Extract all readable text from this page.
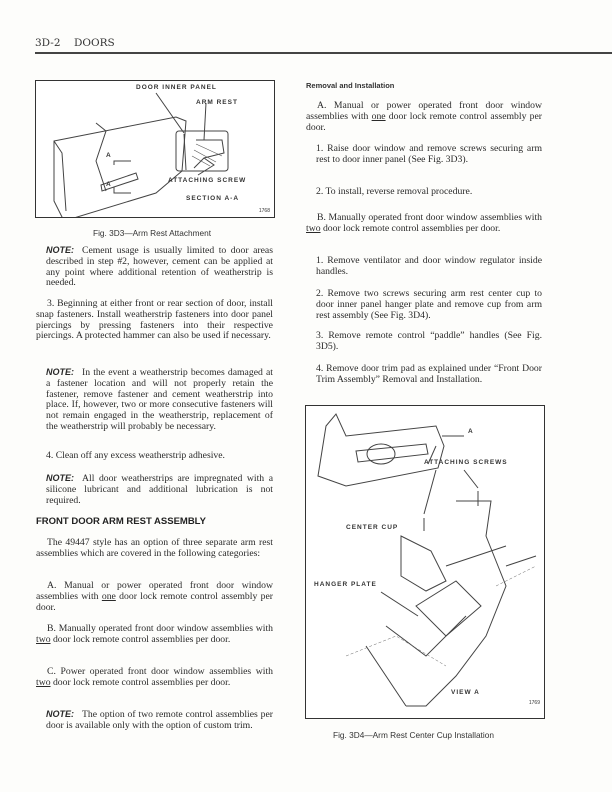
3D-2 DOORS
DOOR INNER PANEL
ARM REST
A
A
ATTACHING SCREW
SECTION A-A
1768
Fig. 3D3—Arm Rest Attachment
NOTE: Cement usage is usually limited to door areas described in step #2, however, cement can be applied at any point where additional retention of weatherstrip is needed.
3. Beginning at either front or rear section of door, install snap fasteners. Install weatherstrip fasteners into door panel piercings by pressing fasteners into their respective piercings. A protected hammer can also be used if necessary.
NOTE: In the event a weatherstrip becomes damaged at a fastener location and will not properly retain the fastener, remove fastener and cement weatherstrip into place. If, however, two or more consecutive fasteners will not remain engaged in the weatherstrip, replacement of the weatherstrip will probably be necessary.
4. Clean off any excess weatherstrip adhesive.
NOTE: All door weatherstrips are impregnated with a silicone lubricant and additional lubrication is not required.
FRONT DOOR ARM REST ASSEMBLY
The 49447 style has an option of three separate arm rest assemblies which are covered in the following categories:
A. Manual or power operated front door window assemblies with one door lock remote control assembly per door.
B. Manually operated front door window assemblies with two door lock remote control assemblies per door.
C. Power operated front door window assemblies with two door lock remote control assemblies per door.
NOTE: The option of two remote control assemblies per door is available only with the option of custom trim.
Removal and Installation
A. Manual or power operated front door window assemblies with one door lock remote control assembly per door.
1. Raise door window and remove screws securing arm rest to door inner panel (See Fig. 3D3).
2. To install, reverse removal procedure.
B. Manually operated front door window assemblies with two door lock remote control assemblies per door.
1. Remove ventilator and door window regulator inside handles.
2. Remove two screws securing arm rest center cup to door inner panel hanger plate and remove cup from arm rest assembly (See Fig. 3D4).
3. Remove remote control “paddle” handles (See Fig. 3D5).
4. Remove door trim pad as explained under “Front Door Trim Assembly” Removal and Installation.
A
ATTACHING SCREWS
CENTER CUP
HANGER PLATE
VIEW A
1769
Fig. 3D4—Arm Rest Center Cup Installation
